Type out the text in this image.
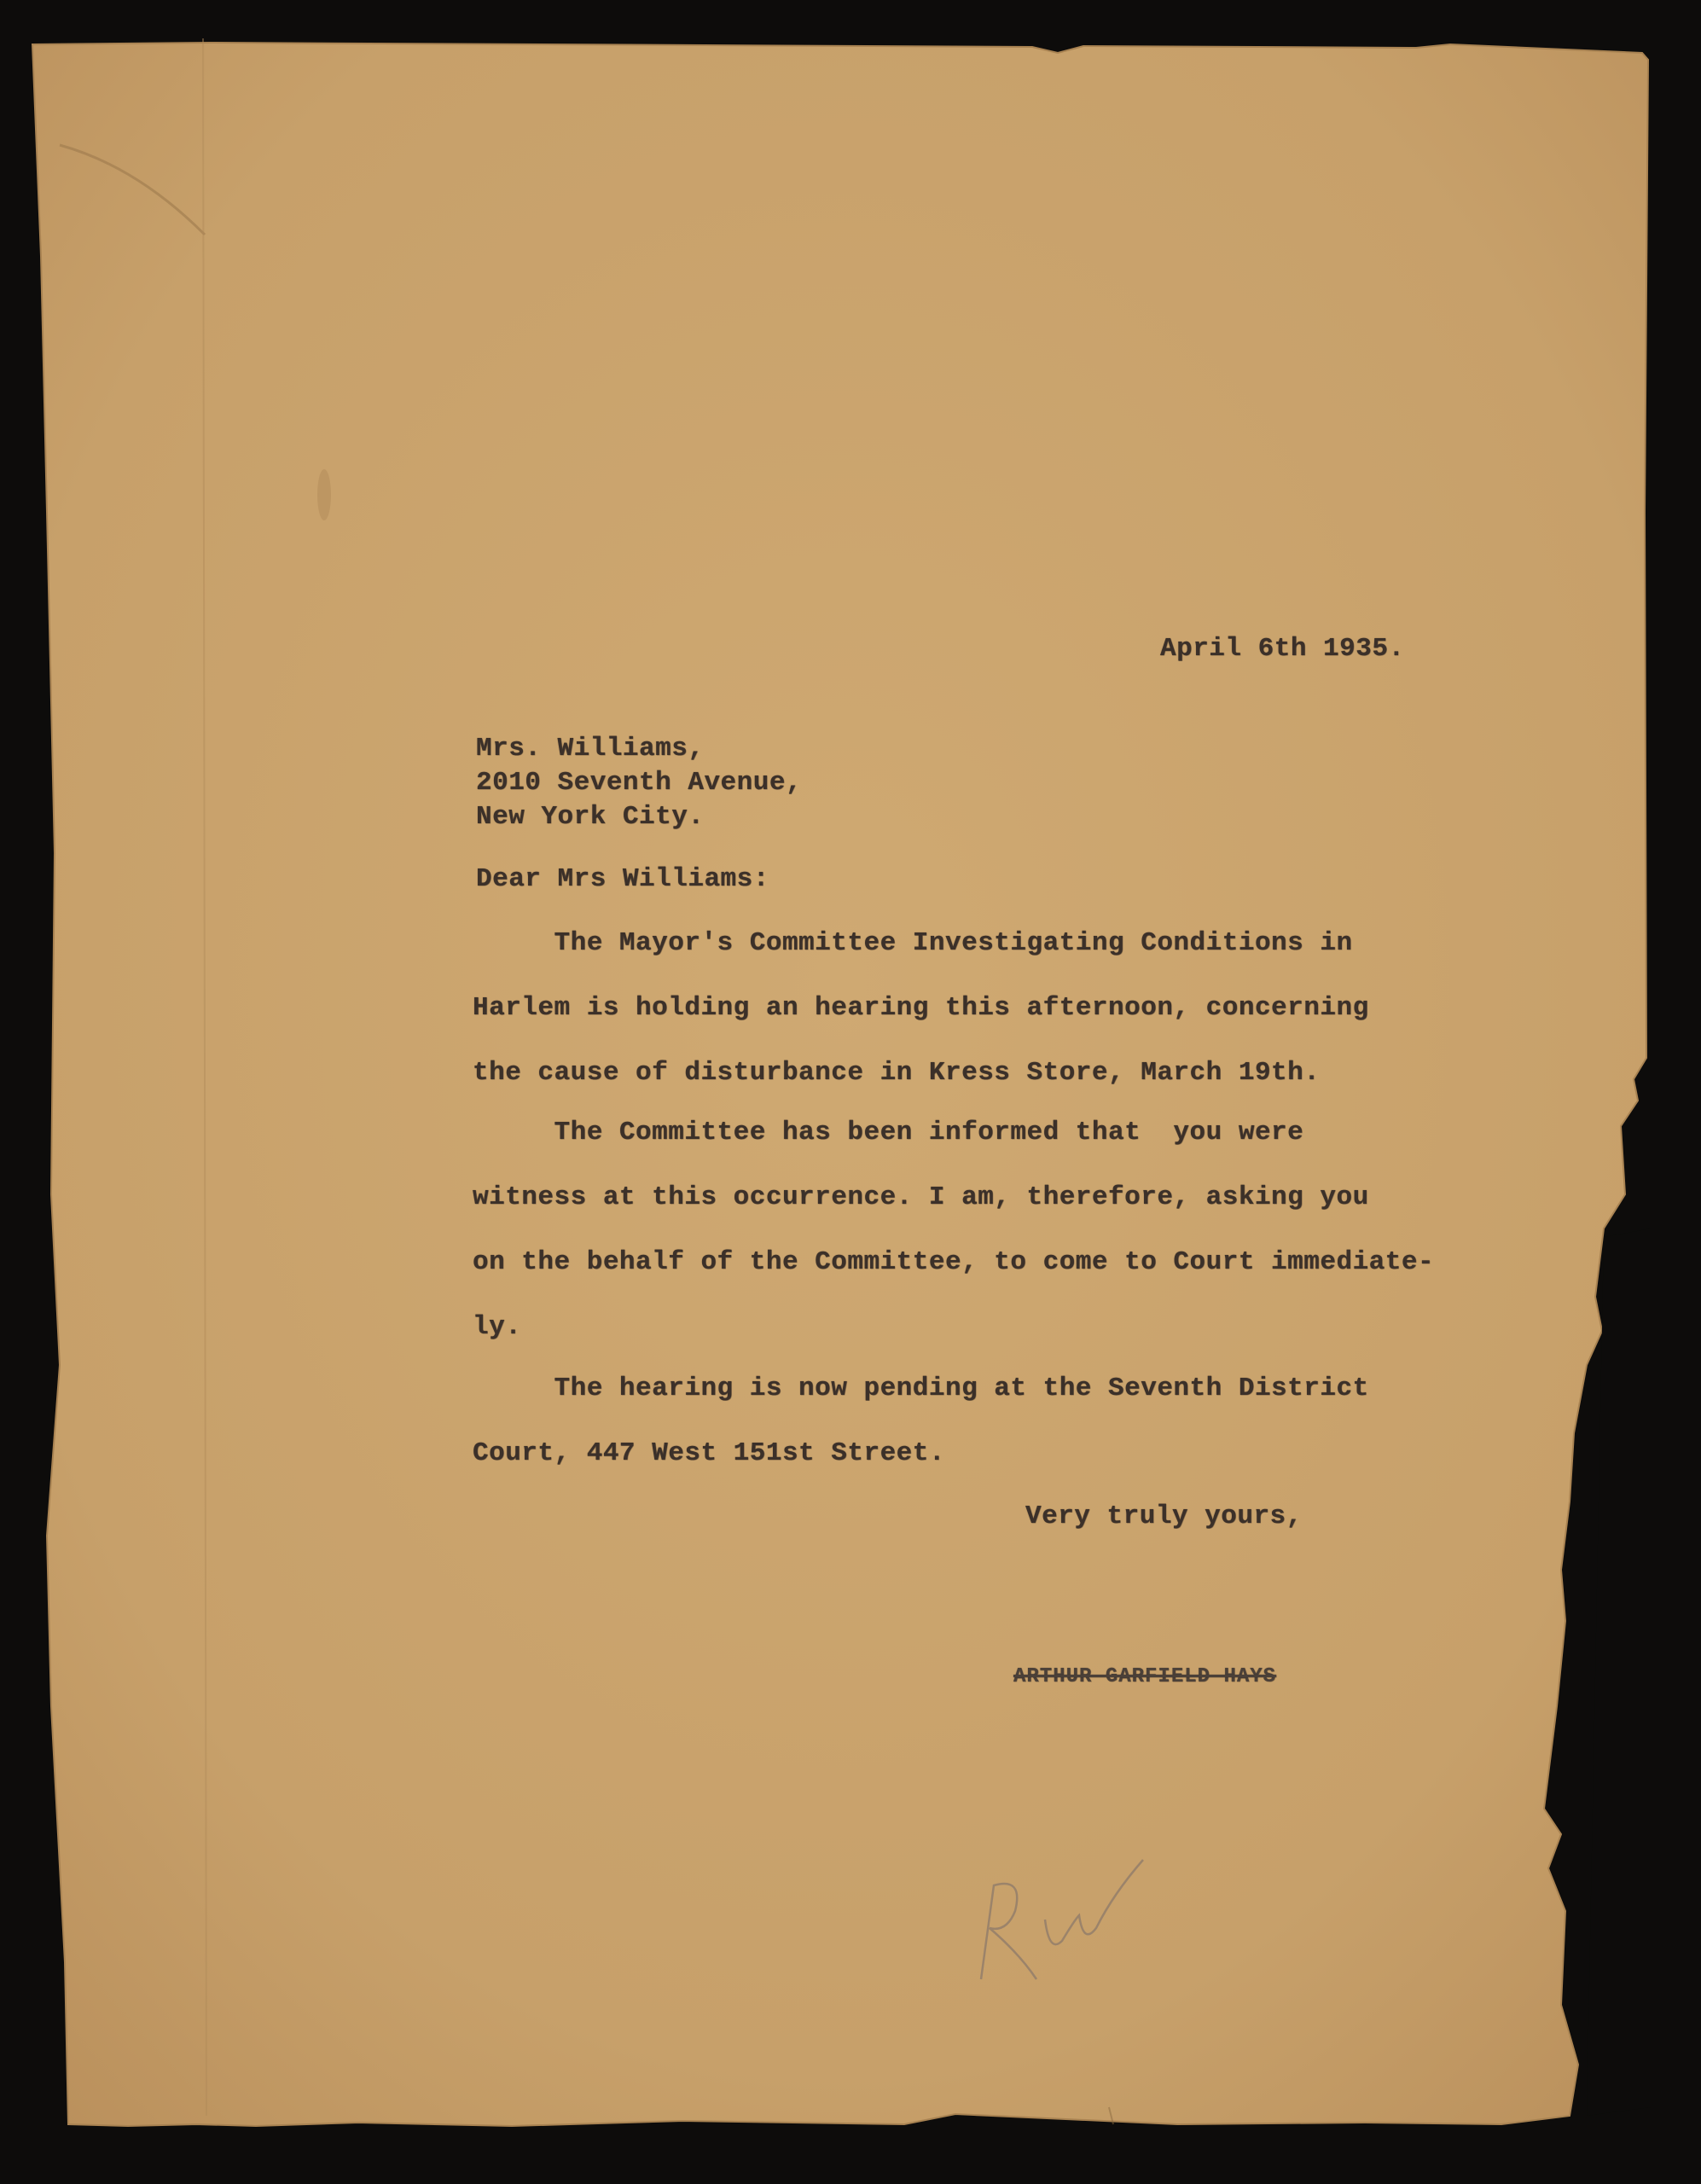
April 6th 1935.

Mrs. Williams,

2010 Seventh Avenue,

New York City.

Dear Mrs Williams:

The Mayor's Committee Investigating Conditions in

Harlem is holding an hearing this afternoon, concerning

the cause of disturbance in Kress Store, March 19th.

The Committee has been informed that  you were

witness at this occurrence. I am, therefore, asking you

on the behalf of the Committee, to come to Court immediate-

ly.

The hearing is now pending at the Seventh District

Court, 447 West 151st Street.

Very truly yours,

ARTHUR GARFIELD HAYS
